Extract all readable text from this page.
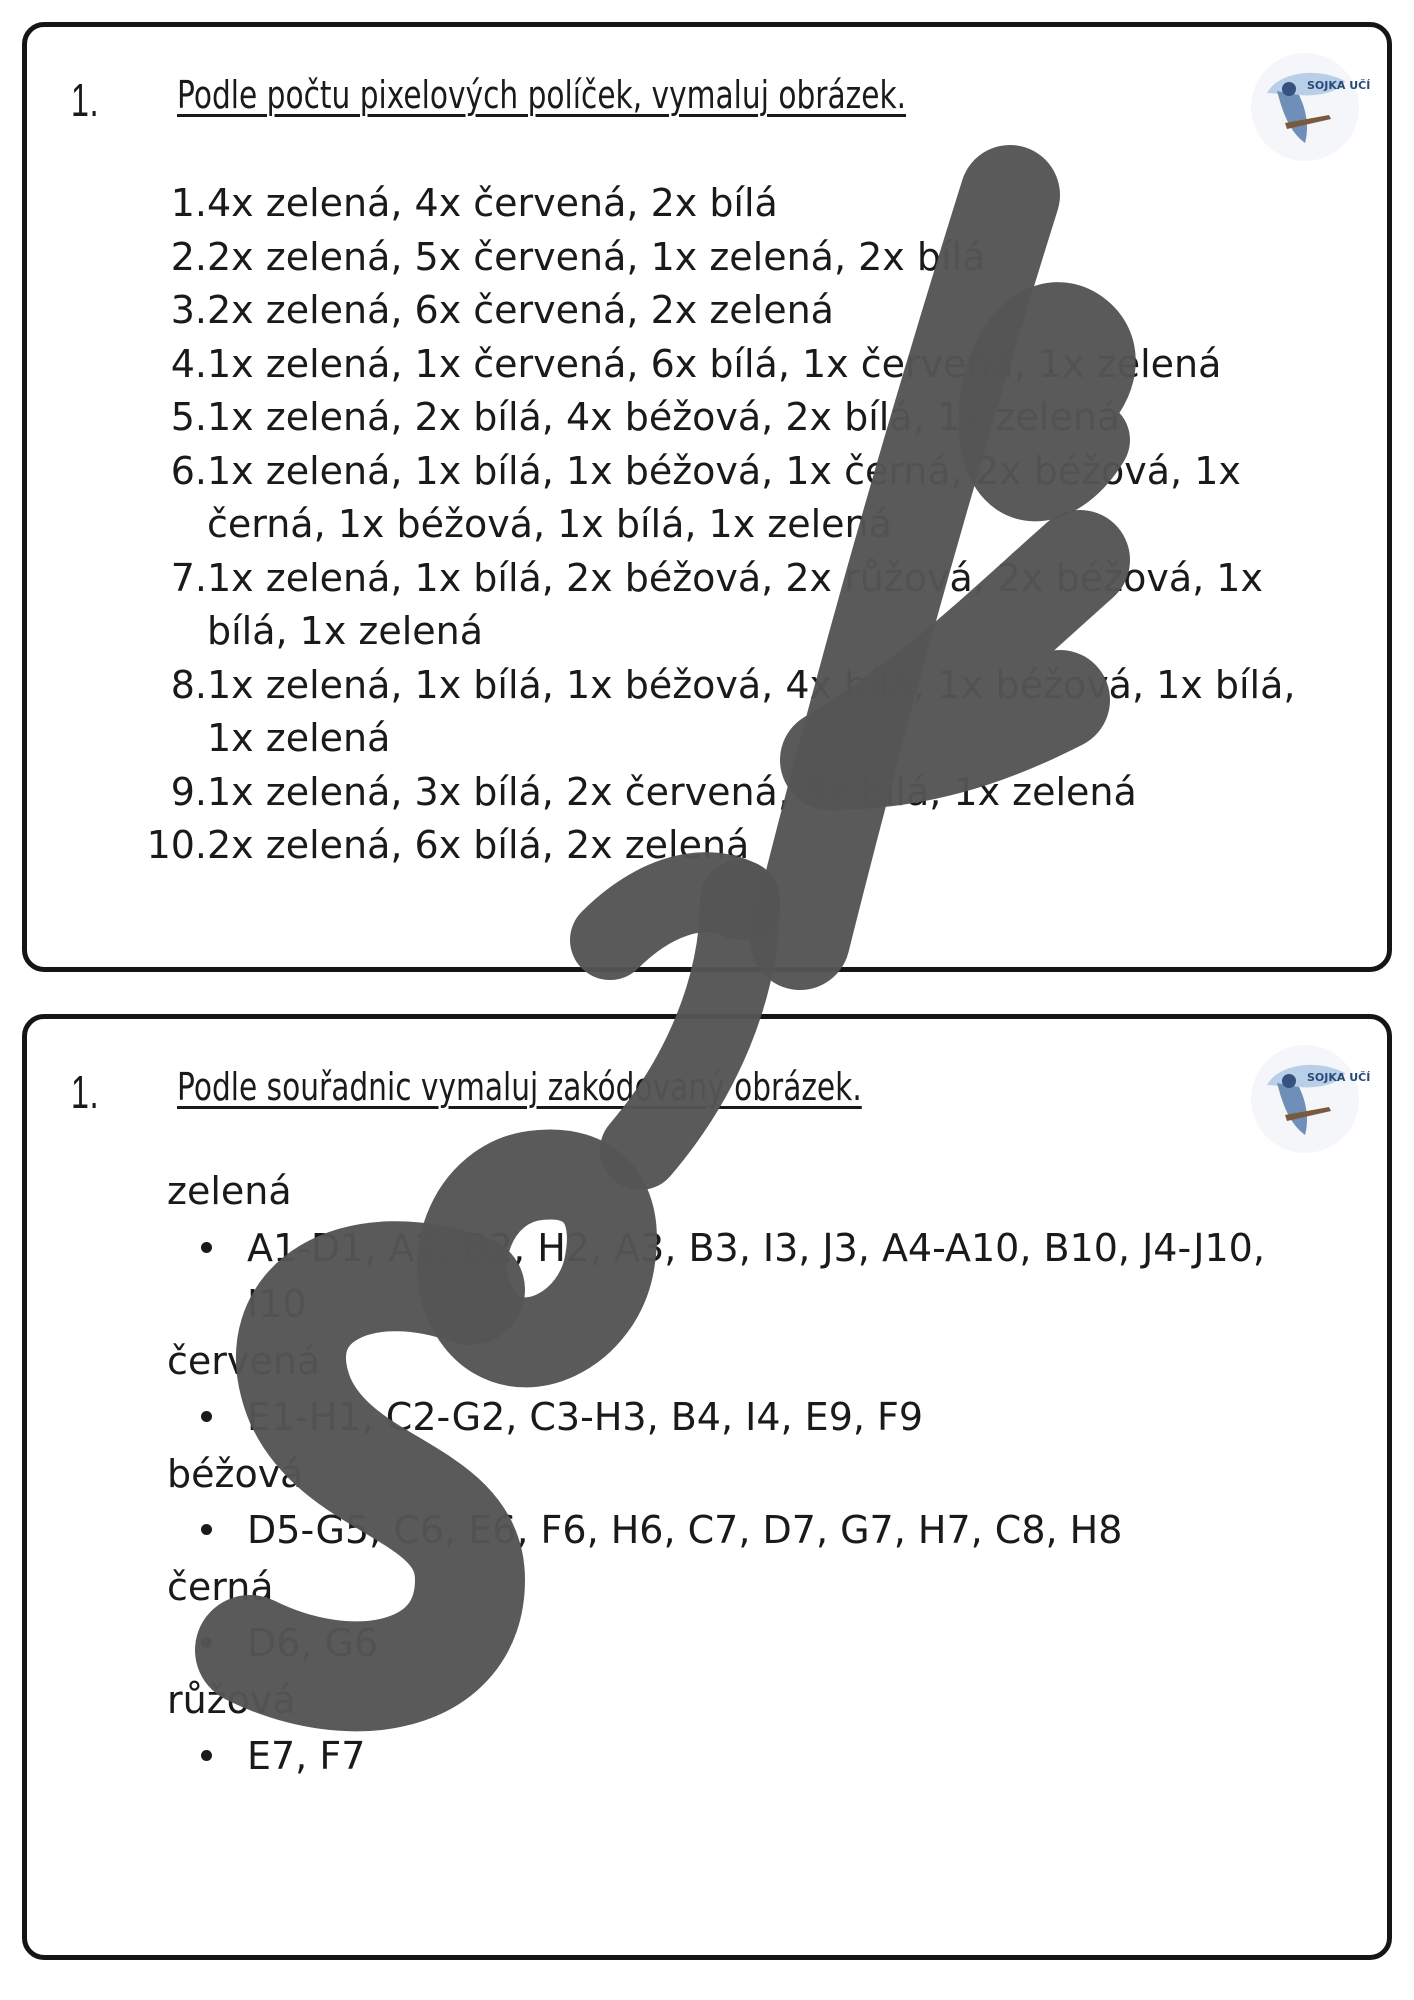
1. Podle počtu pixelových políček, vymaluj obrázek.	SOJKA UČÍ
1. 4x zelená, 4x červená, 2x bílá
2. 2x zelená, 5x červená, 1x zelená, 2x bílá
3. 2x zelená, 6x červená, 2x zelená
4. 1x zelená, 1x červená, 6x bílá, 1x červená, 1x zelená
5. 1x zelená, 2x bílá, 4x béžová, 2x bílá, 1x zelená
6. 1x zelená, 1x bílá, 1x béžová, 1x černá, 2x béžová, 1x černá, 1x béžová, 1x bílá, 1x zelená
7. 1x zelená, 1x bílá, 2x béžová, 2x růžová, 2x béžová, 1x bílá, 1x zelená
8. 1x zelená, 1x bílá, 1x béžová, 4x bílá, 1x béžová, 1x bílá, 1x zelená
9. 1x zelená, 3x bílá, 2x červená, 3x bílá, 1x zelená
10. 2x zelená, 6x bílá, 2x zelená
1. Podle souřadnic vymaluj zakódovaný obrázek.	SOJKA UČÍ
zelená
A1-D1, A2, B2, H2, A3, B3, I3, J3, A4-A10, B10, J4-J10, I10
červená
E1-H1, C2-G2, C3-H3, B4, I4, E9, F9
béžová
D5-G5, C6, E6, F6, H6, C7, D7, G7, H7, C8, H8
černá
D6, G6
růžová
E7, F7
